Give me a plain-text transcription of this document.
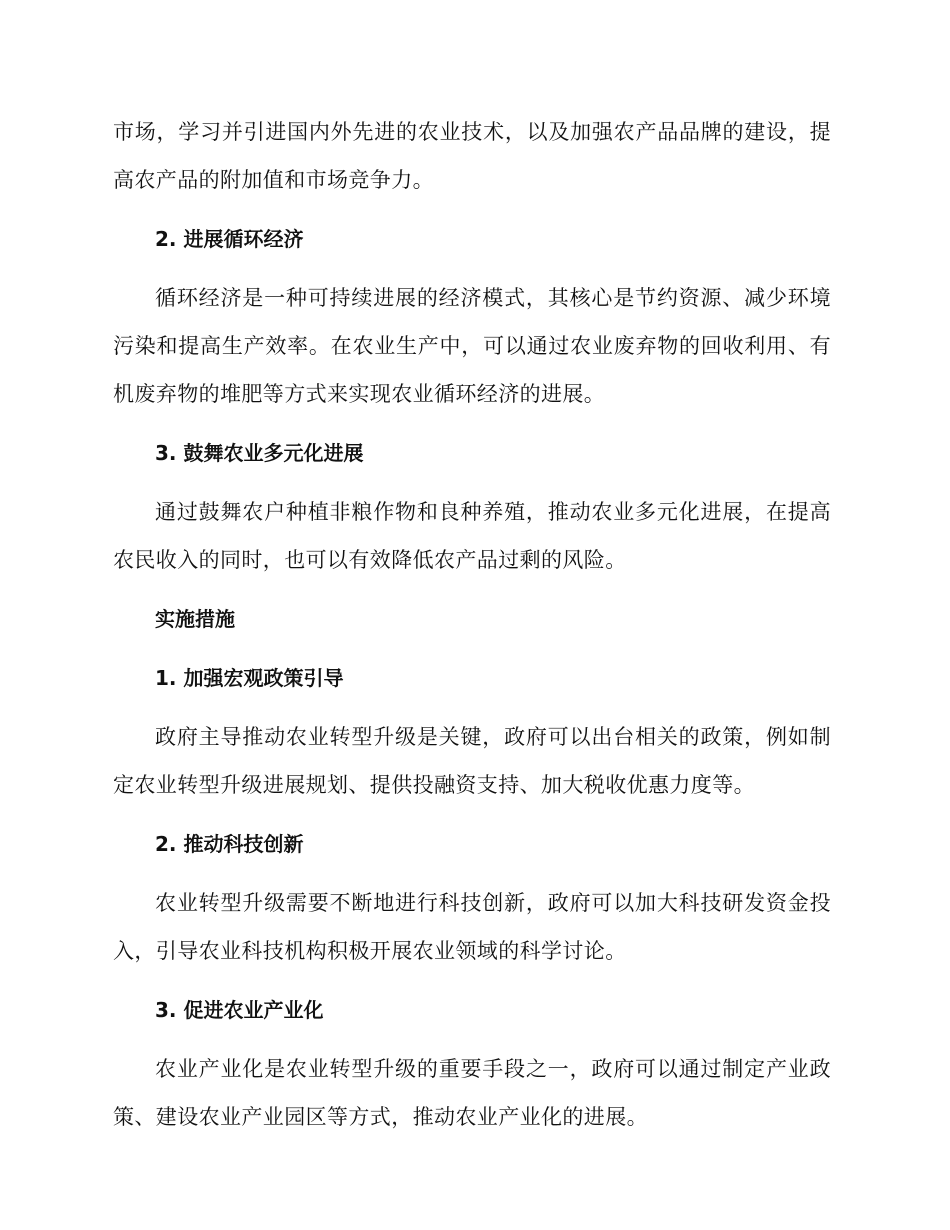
市场，学习并引进国内外先进的农业技术，以及加强农产品品牌的建设，提高农产品的附加值和市场竞争力。

2. 进展循环经济

循环经济是一种可持续进展的经济模式，其核心是节约资源、减少环境污染和提高生产效率。在农业生产中，可以通过农业废弃物的回收利用、有机废弃物的堆肥等方式来实现农业循环经济的进展。

3. 鼓舞农业多元化进展

通过鼓舞农户种植非粮作物和良种养殖，推动农业多元化进展，在提高农民收入的同时，也可以有效降低农产品过剩的风险。

实施措施

1. 加强宏观政策引导

政府主导推动农业转型升级是关键，政府可以出台相关的政策，例如制定农业转型升级进展规划、提供投融资支持、加大税收优惠力度等。

2. 推动科技创新

农业转型升级需要不断地进行科技创新，政府可以加大科技研发资金投入，引导农业科技机构积极开展农业领域的科学讨论。

3. 促进农业产业化

农业产业化是农业转型升级的重要手段之一，政府可以通过制定产业政策、建设农业产业园区等方式，推动农业产业化的进展。
